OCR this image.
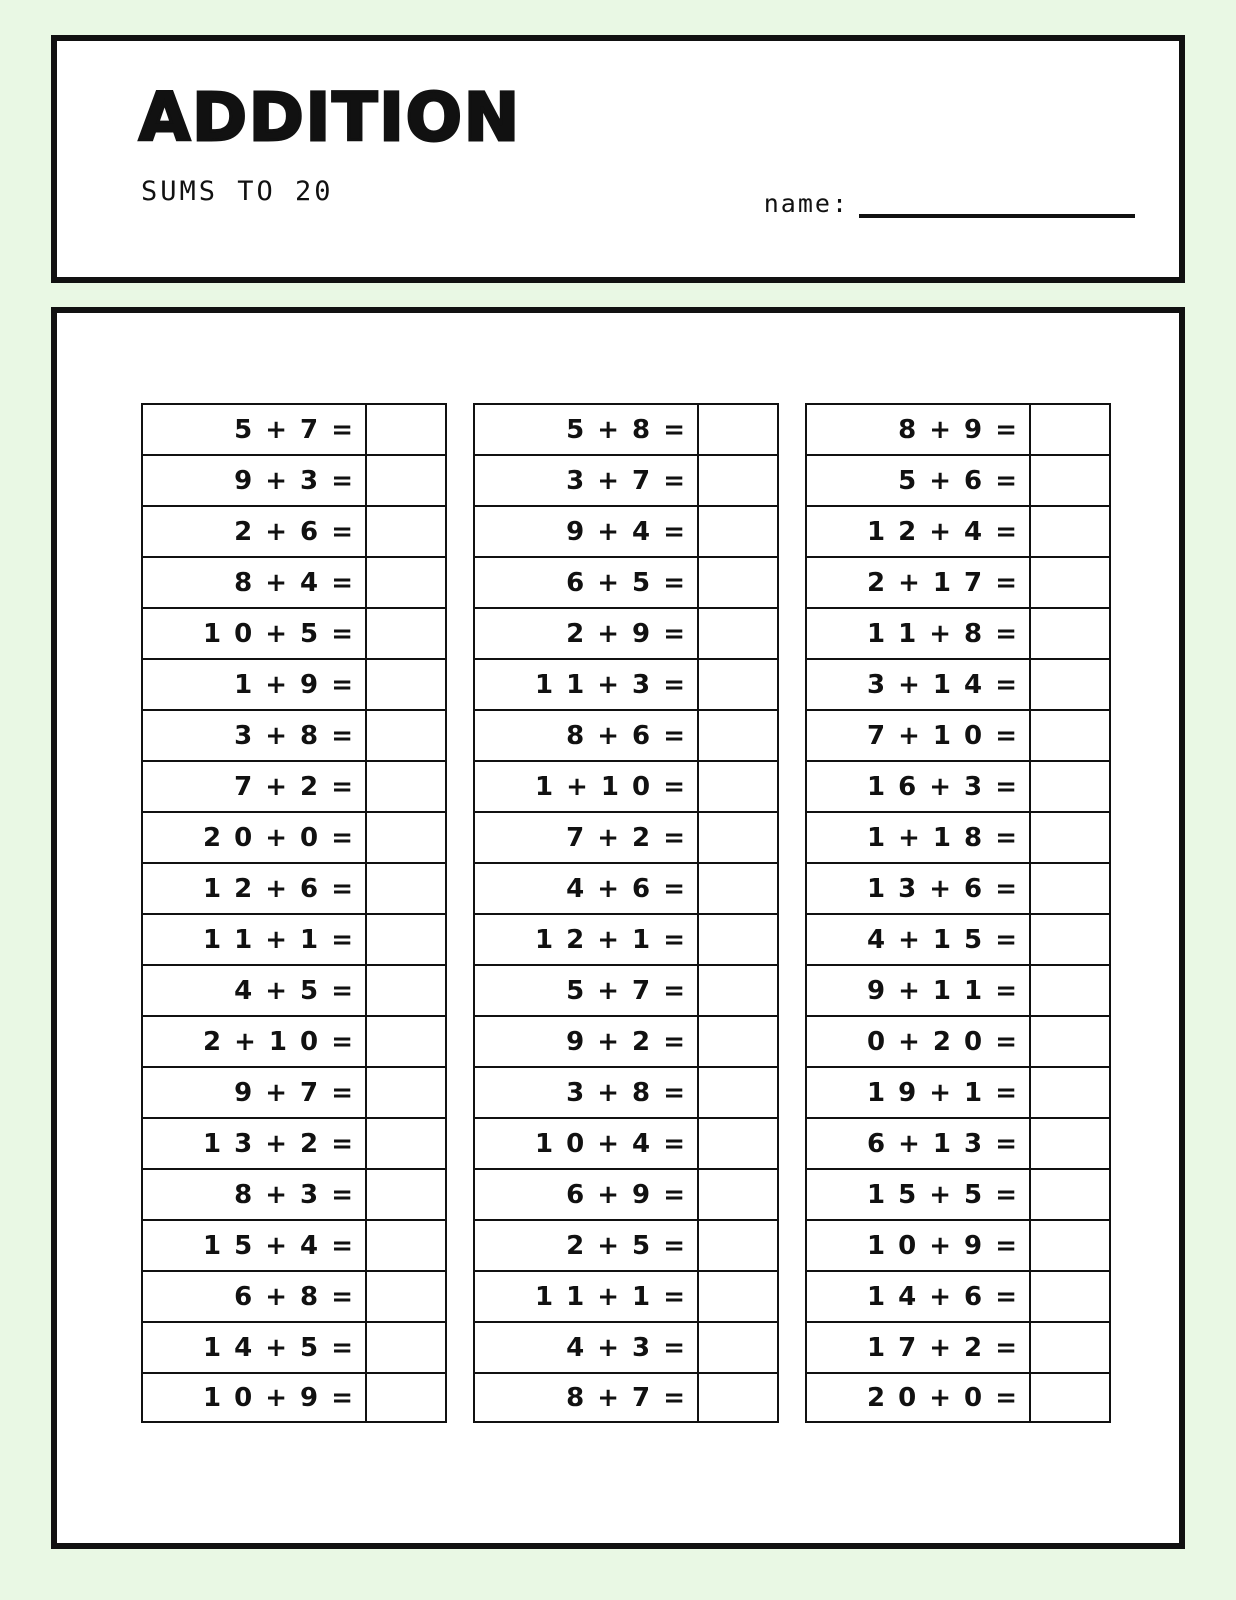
ADDITION
SUMS TO 20	name:
5 + 7 =
9 + 3 =
2 + 6 =
8 + 4 =
1 0 + 5 =
1 + 9 =
3 + 8 =
7 + 2 =
2 0 + 0 =
1 2 + 6 =
1 1 + 1 =
4 + 5 =
2 + 1 0 =
9 + 7 =
1 3 + 2 =
8 + 3 =
1 5 + 4 =
6 + 8 =
1 4 + 5 =
1 0 + 9 =
5 + 8 =
3 + 7 =
9 + 4 =
6 + 5 =
2 + 9 =
1 1 + 3 =
8 + 6 =
1 + 1 0 =
7 + 2 =
4 + 6 =
1 2 + 1 =
5 + 7 =
9 + 2 =
3 + 8 =
1 0 + 4 =
6 + 9 =
2 + 5 =
1 1 + 1 =
4 + 3 =
8 + 7 =
8 + 9 =
5 + 6 =
1 2 + 4 =
2 + 1 7 =
1 1 + 8 =
3 + 1 4 =
7 + 1 0 =
1 6 + 3 =
1 + 1 8 =
1 3 + 6 =
4 + 1 5 =
9 + 1 1 =
0 + 2 0 =
1 9 + 1 =
6 + 1 3 =
1 5 + 5 =
1 0 + 9 =
1 4 + 6 =
1 7 + 2 =
2 0 + 0 =
